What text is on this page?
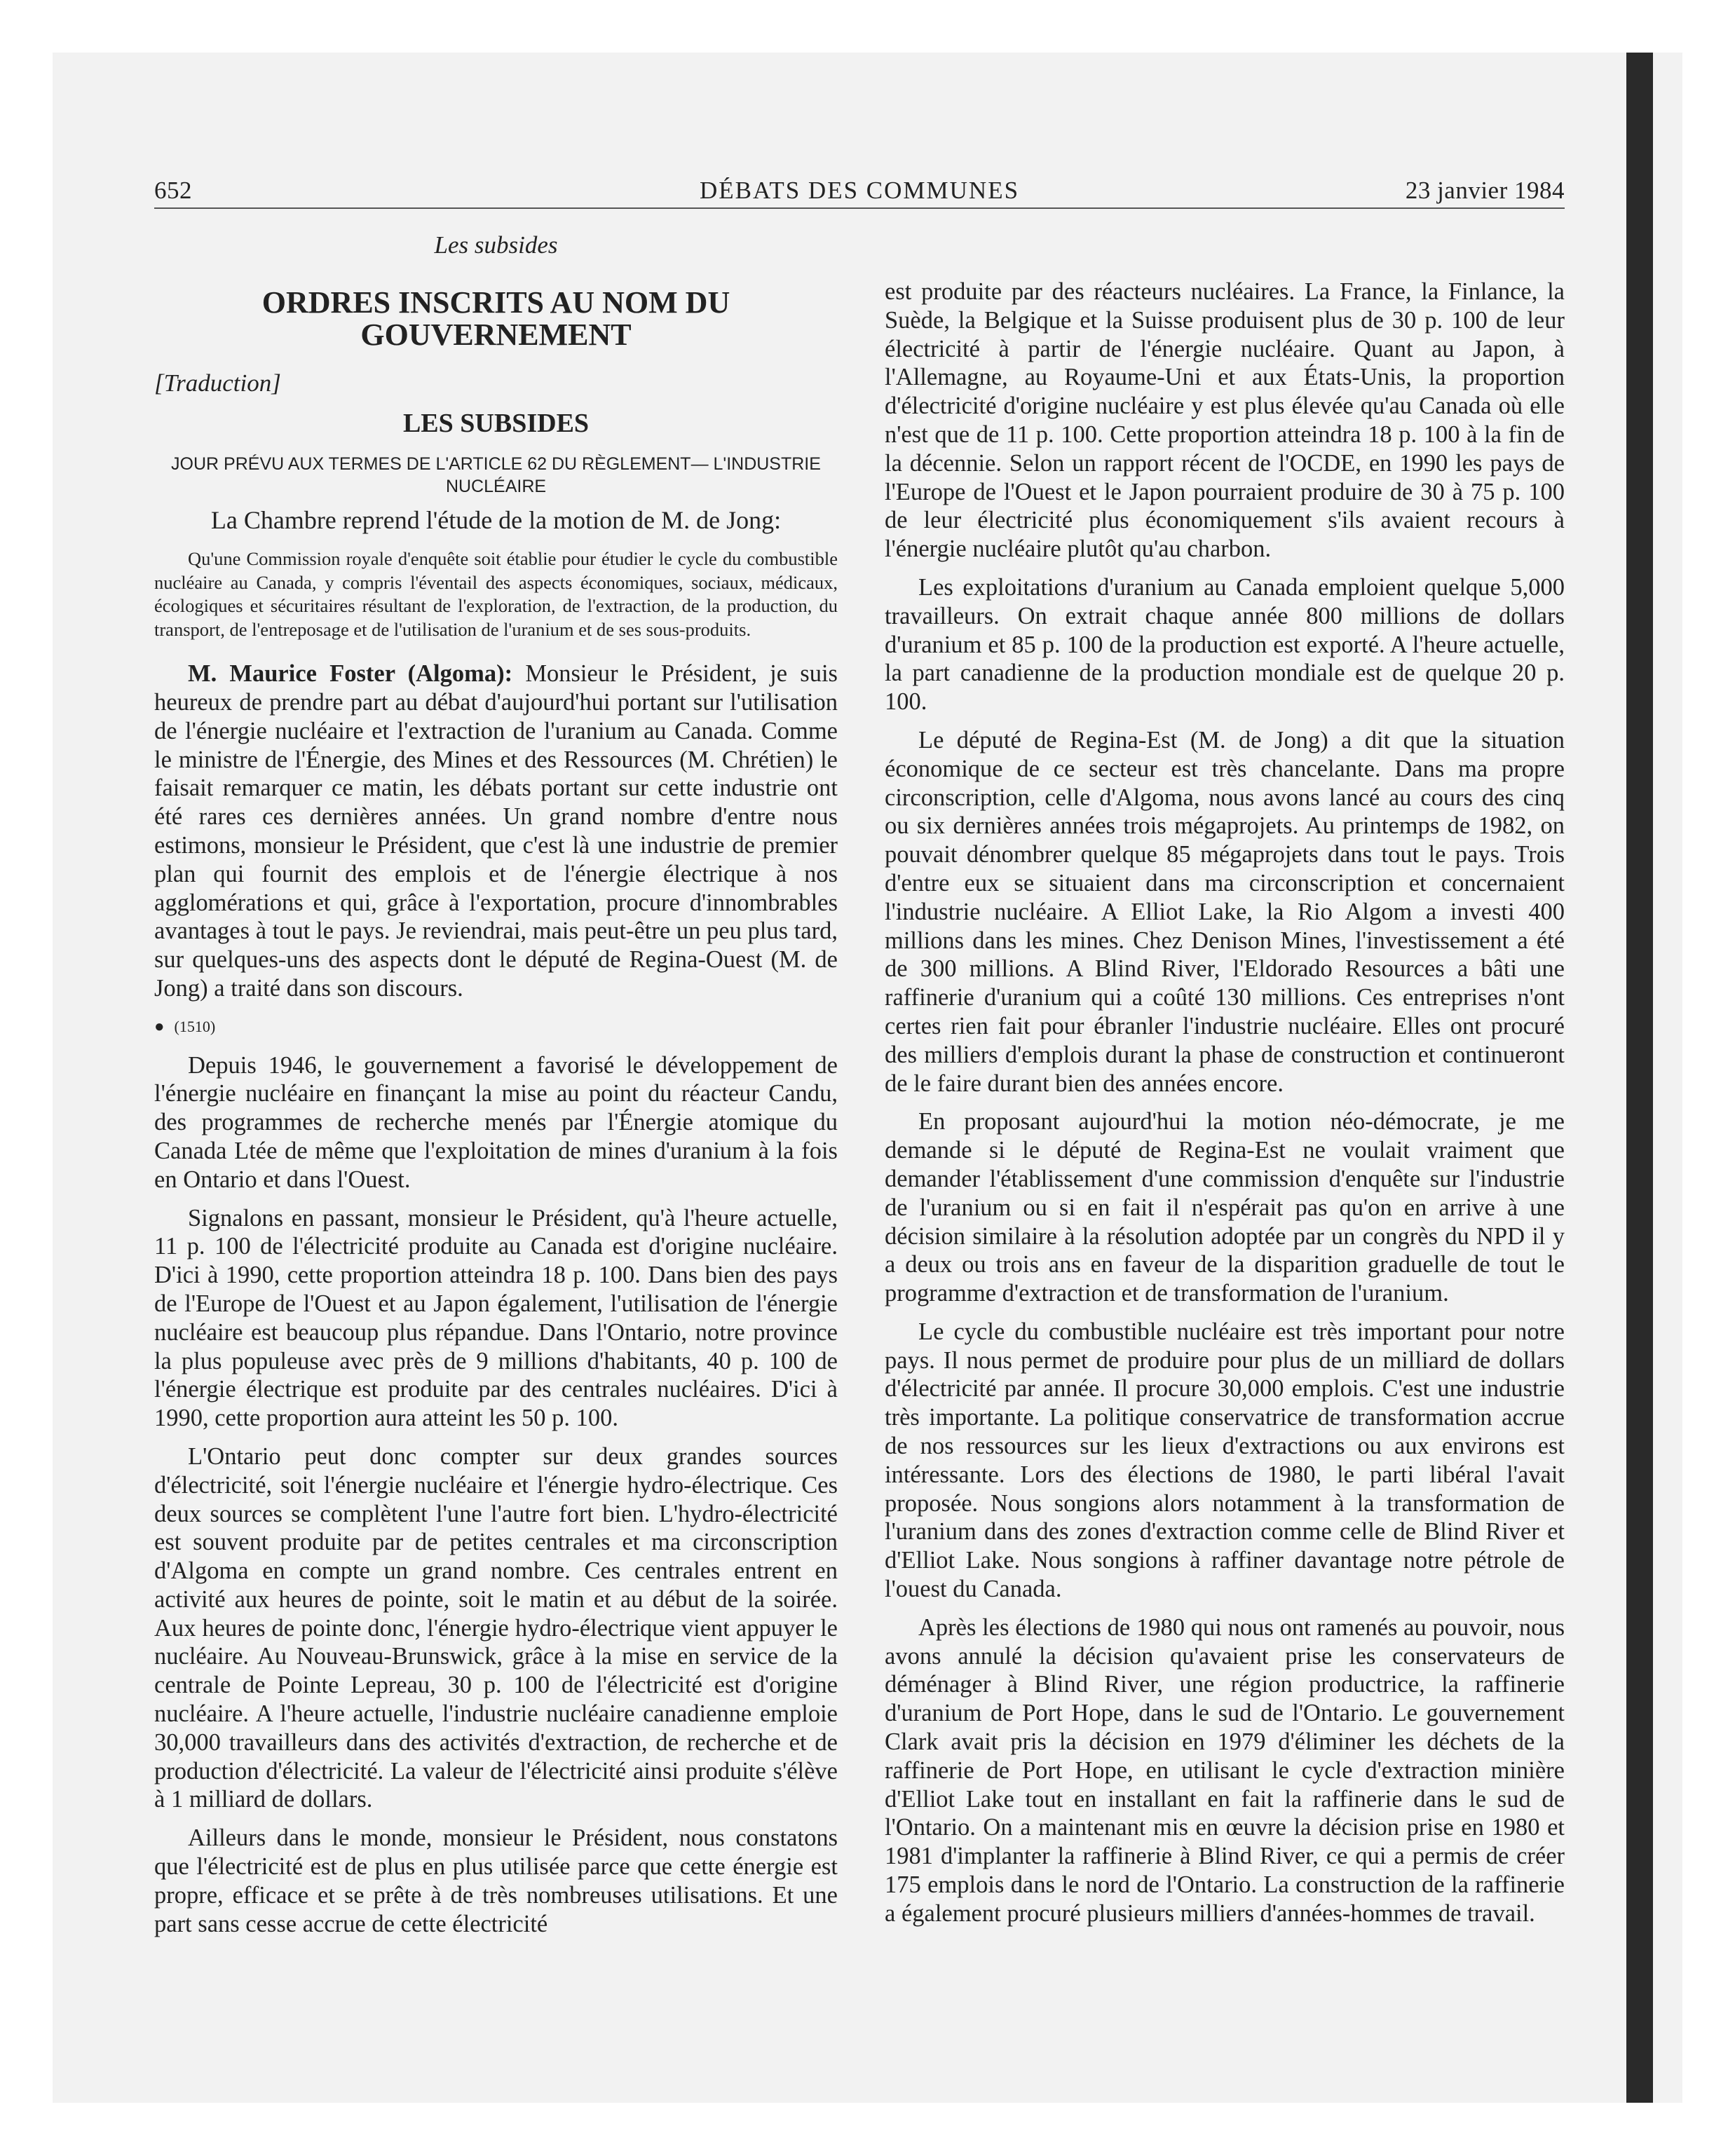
652	DÉBATS DES COMMUNES	23 janvier 1984
Les subsides
ORDRES INSCRITS AU NOM DU GOUVERNEMENT
[Traduction]
LES SUBSIDES
JOUR PRÉVU AUX TERMES DE L'ARTICLE 62 DU RÈGLEMENT— L'INDUSTRIE NUCLÉAIRE
La Chambre reprend l'étude de la motion de M. de Jong:
Qu'une Commission royale d'enquête soit établie pour étudier le cycle du combustible nucléaire au Canada, y compris l'éventail des aspects économiques, sociaux, médicaux, écologiques et sécuritaires résultant de l'exploration, de l'extraction, de la production, du transport, de l'entreposage et de l'utilisation de l'uranium et de ses sous-produits.

M. Maurice Foster (Algoma): Monsieur le Président, je suis heureux de prendre part au débat d'aujourd'hui portant sur l'utilisation de l'énergie nucléaire et l'extraction de l'uranium au Canada. Comme le ministre de l'Énergie, des Mines et des Ressources (M. Chrétien) le faisait remarquer ce matin, les débats portant sur cette industrie ont été rares ces dernières années. Un grand nombre d'entre nous estimons, monsieur le Président, que c'est là une industrie de premier plan qui fournit des emplois et de l'énergie électrique à nos agglomérations et qui, grâce à l'exportation, procure d'innombrables avantages à tout le pays. Je reviendrai, mais peut-être un peu plus tard, sur quelques-uns des aspects dont le député de Regina-Ouest (M. de Jong) a traité dans son discours.

● (1510)

Depuis 1946, le gouvernement a favorisé le développement de l'énergie nucléaire en finançant la mise au point du réacteur Candu, des programmes de recherche menés par l'Énergie atomique du Canada Ltée de même que l'exploitation de mines d'uranium à la fois en Ontario et dans l'Ouest.

Signalons en passant, monsieur le Président, qu'à l'heure actuelle, 11 p. 100 de l'électricité produite au Canada est d'origine nucléaire. D'ici à 1990, cette proportion atteindra 18 p. 100. Dans bien des pays de l'Europe de l'Ouest et au Japon également, l'utilisation de l'énergie nucléaire est beaucoup plus répandue. Dans l'Ontario, notre province la plus populeuse avec près de 9 millions d'habitants, 40 p. 100 de l'énergie électrique est produite par des centrales nucléaires. D'ici à 1990, cette proportion aura atteint les 50 p. 100.

L'Ontario peut donc compter sur deux grandes sources d'électricité, soit l'énergie nucléaire et l'énergie hydro-électrique. Ces deux sources se complètent l'une l'autre fort bien. L'hydro-électricité est souvent produite par de petites centrales et ma circonscription d'Algoma en compte un grand nombre. Ces centrales entrent en activité aux heures de pointe, soit le matin et au début de la soirée. Aux heures de pointe donc, l'énergie hydro-électrique vient appuyer le nucléaire. Au Nouveau-Brunswick, grâce à la mise en service de la centrale de Pointe Lepreau, 30 p. 100 de l'électricité est d'origine nucléaire. A l'heure actuelle, l'industrie nucléaire canadienne emploie 30,000 travailleurs dans des activités d'extraction, de recherche et de production d'électricité. La valeur de l'électricité ainsi produite s'élève à 1 milliard de dollars.

Ailleurs dans le monde, monsieur le Président, nous constatons que l'électricité est de plus en plus utilisée parce que cette énergie est propre, efficace et se prête à de très nombreuses utilisations. Et une part sans cesse accrue de cette électricité

est produite par des réacteurs nucléaires. La France, la Finlance, la Suède, la Belgique et la Suisse produisent plus de 30 p. 100 de leur électricité à partir de l'énergie nucléaire. Quant au Japon, à l'Allemagne, au Royaume-Uni et aux États-Unis, la proportion d'électricité d'origine nucléaire y est plus élevée qu'au Canada où elle n'est que de 11 p. 100. Cette proportion atteindra 18 p. 100 à la fin de la décennie. Selon un rapport récent de l'OCDE, en 1990 les pays de l'Europe de l'Ouest et le Japon pourraient produire de 30 à 75 p. 100 de leur électricité plus économiquement s'ils avaient recours à l'énergie nucléaire plutôt qu'au charbon.

Les exploitations d'uranium au Canada emploient quelque 5,000 travailleurs. On extrait chaque année 800 millions de dollars d'uranium et 85 p. 100 de la production est exporté. A l'heure actuelle, la part canadienne de la production mondiale est de quelque 20 p. 100.

Le député de Regina-Est (M. de Jong) a dit que la situation économique de ce secteur est très chancelante. Dans ma propre circonscription, celle d'Algoma, nous avons lancé au cours des cinq ou six dernières années trois mégaprojets. Au printemps de 1982, on pouvait dénombrer quelque 85 mégaprojets dans tout le pays. Trois d'entre eux se situaient dans ma circonscription et concernaient l'industrie nucléaire. A Elliot Lake, la Rio Algom a investi 400 millions dans les mines. Chez Denison Mines, l'investissement a été de 300 millions. A Blind River, l'Eldorado Resources a bâti une raffinerie d'uranium qui a coûté 130 millions. Ces entreprises n'ont certes rien fait pour ébranler l'industrie nucléaire. Elles ont procuré des milliers d'emplois durant la phase de construction et continueront de le faire durant bien des années encore.

En proposant aujourd'hui la motion néo-démocrate, je me demande si le député de Regina-Est ne voulait vraiment que demander l'établissement d'une commission d'enquête sur l'industrie de l'uranium ou si en fait il n'espérait pas qu'on en arrive à une décision similaire à la résolution adoptée par un congrès du NPD il y a deux ou trois ans en faveur de la disparition graduelle de tout le programme d'extraction et de transformation de l'uranium.

Le cycle du combustible nucléaire est très important pour notre pays. Il nous permet de produire pour plus de un milliard de dollars d'électricité par année. Il procure 30,000 emplois. C'est une industrie très importante. La politique conservatrice de transformation accrue de nos ressources sur les lieux d'extractions ou aux environs est intéressante. Lors des élections de 1980, le parti libéral l'avait proposée. Nous songions alors notamment à la transformation de l'uranium dans des zones d'extraction comme celle de Blind River et d'Elliot Lake. Nous songions à raffiner davantage notre pétrole de l'ouest du Canada.

Après les élections de 1980 qui nous ont ramenés au pouvoir, nous avons annulé la décision qu'avaient prise les conservateurs de déménager à Blind River, une région productrice, la raffinerie d'uranium de Port Hope, dans le sud de l'Ontario. Le gouvernement Clark avait pris la décision en 1979 d'éliminer les déchets de la raffinerie de Port Hope, en utilisant le cycle d'extraction minière d'Elliot Lake tout en installant en fait la raffinerie dans le sud de l'Ontario. On a maintenant mis en œuvre la décision prise en 1980 et 1981 d'implanter la raffinerie à Blind River, ce qui a permis de créer 175 emplois dans le nord de l'Ontario. La construction de la raffinerie a également procuré plusieurs milliers d'années-hommes de travail.
